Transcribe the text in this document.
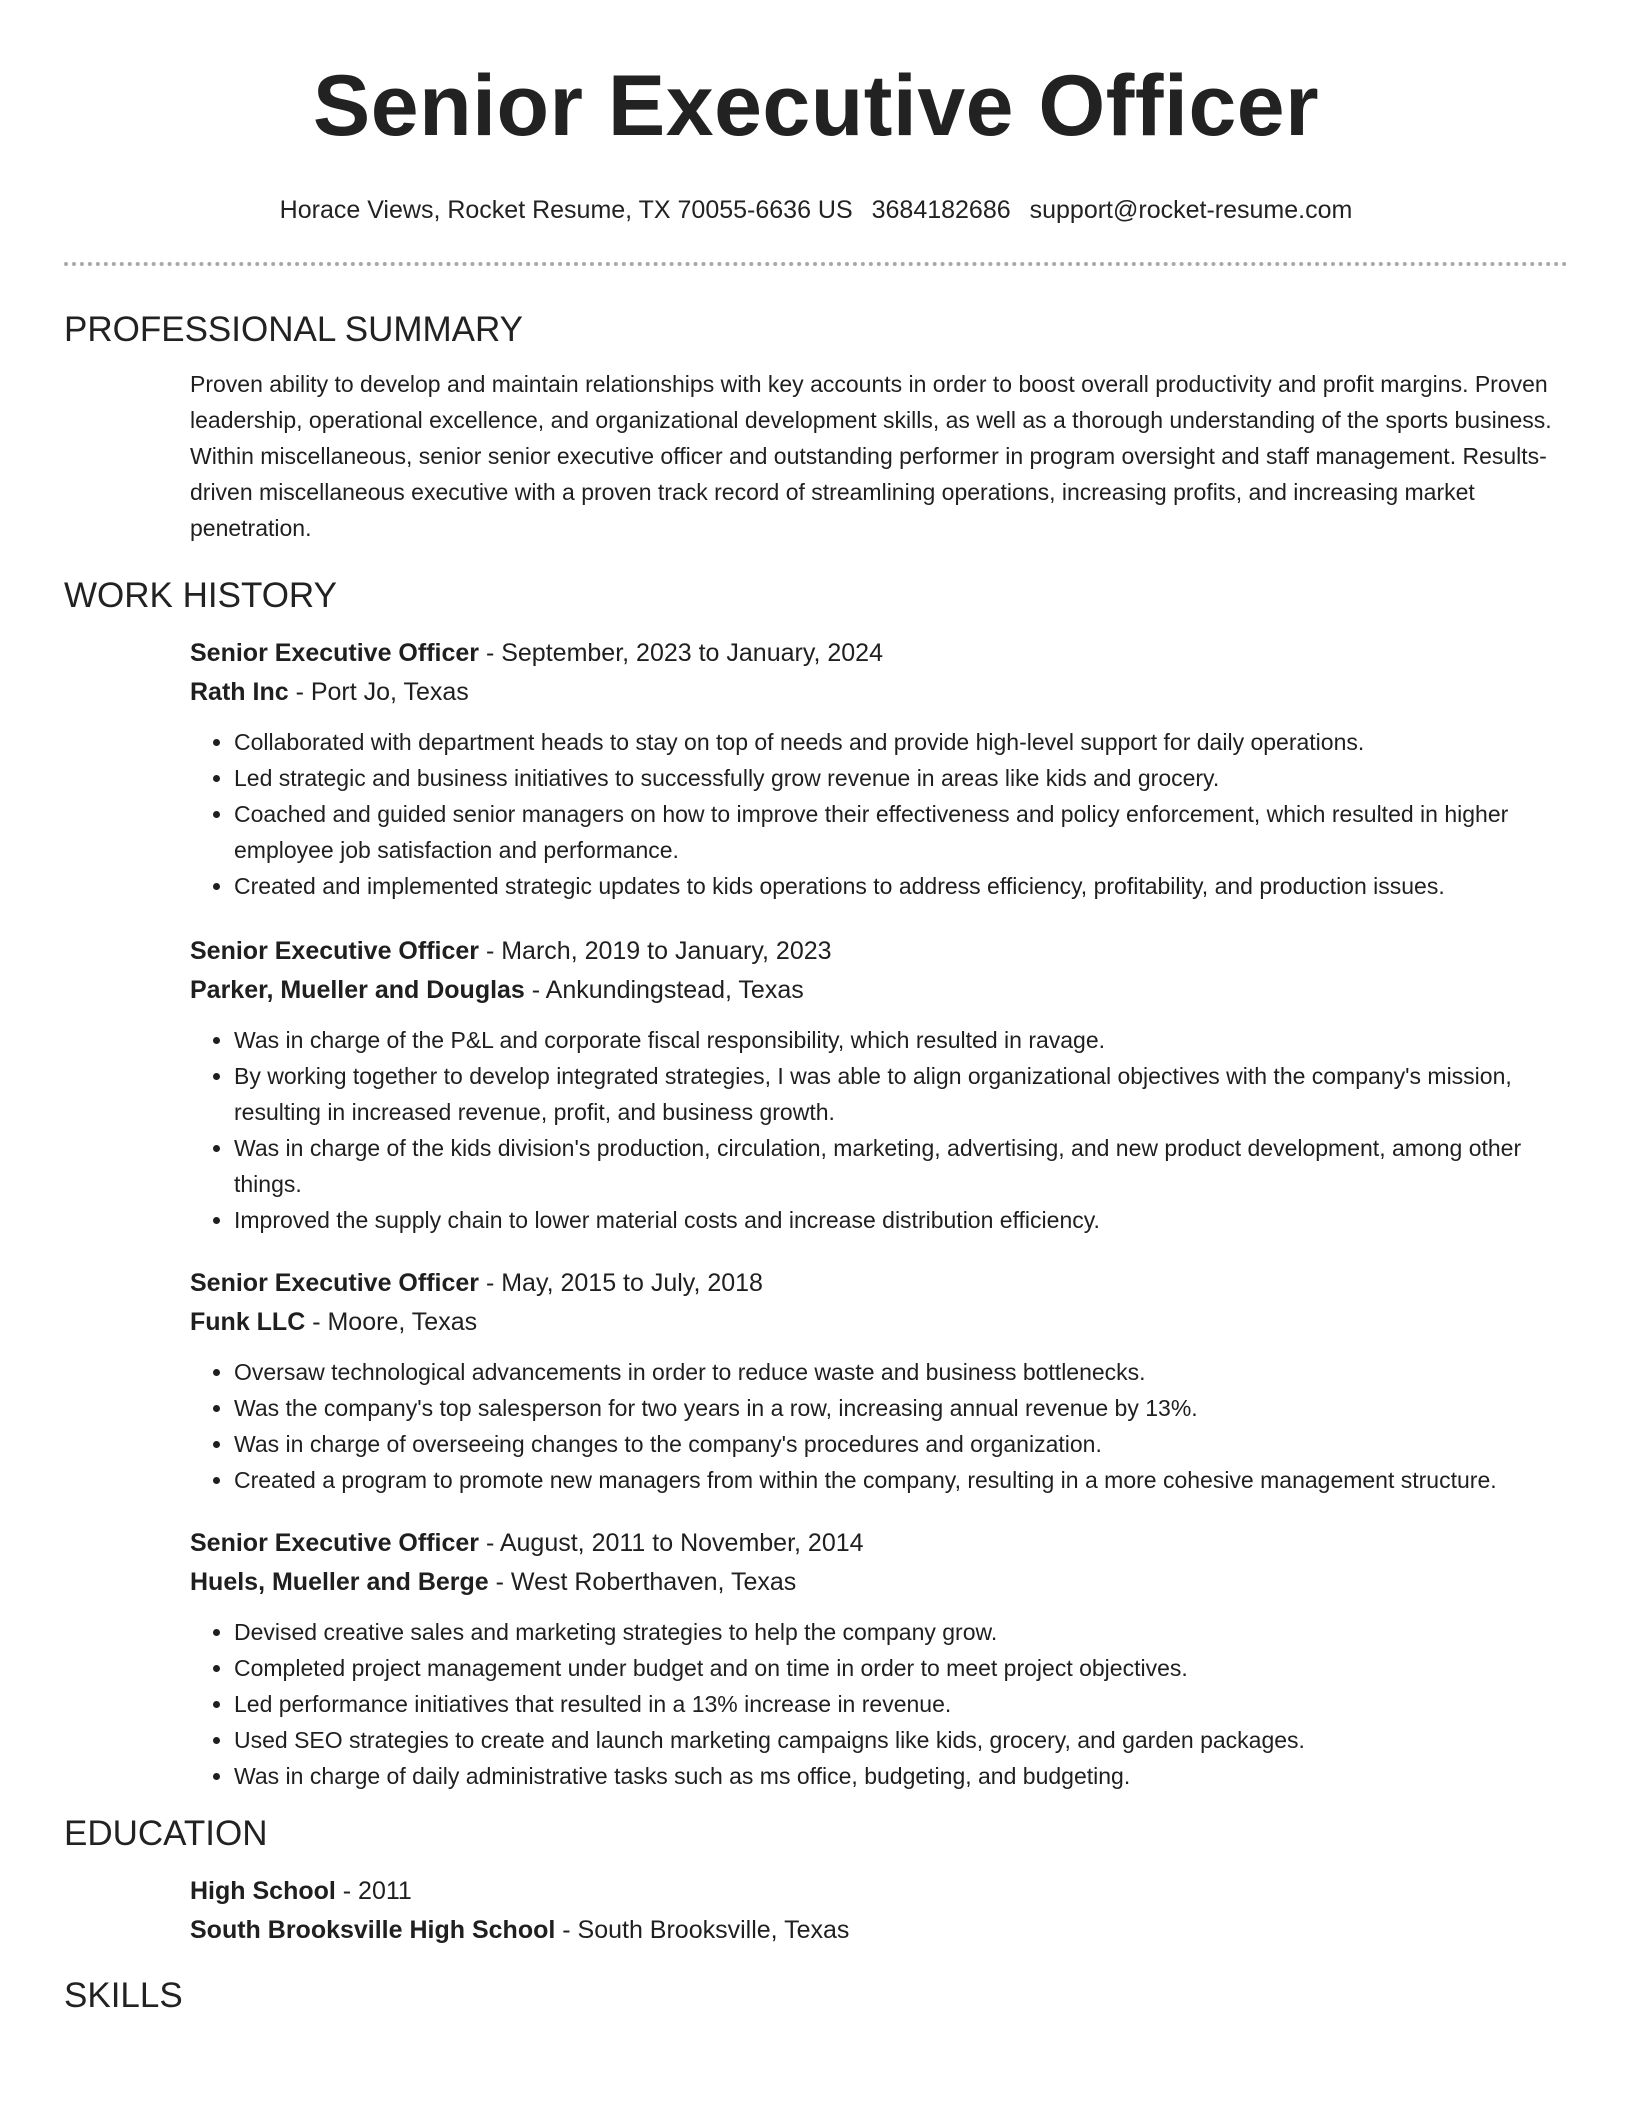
Senior Executive Officer
Horace Views, Rocket Resume, TX 70055-6636 US 3684182686 support@rocket-resume.com
PROFESSIONAL SUMMARY

Proven ability to develop and maintain relationships with key accounts in order to boost overall productivity and profit margins. Proven leadership, operational excellence, and organizational development skills, as well as a thorough understanding of the sports business. Within miscellaneous, senior senior executive officer and outstanding performer in program oversight and staff management. Results-driven miscellaneous executive with a proven track record of streamlining operations, increasing profits, and increasing market penetration.

WORK HISTORY

Senior Executive Officer - September, 2023 to January, 2024

Rath Inc - Port Jo, Texas

• Collaborated with department heads to stay on top of needs and provide high-level support for daily operations.
• Led strategic and business initiatives to successfully grow revenue in areas like kids and grocery.
• Coached and guided senior managers on how to improve their effectiveness and policy enforcement, which resulted in higher employee job satisfaction and performance.
• Created and implemented strategic updates to kids operations to address efficiency, profitability, and production issues.

Senior Executive Officer - March, 2019 to January, 2023

Parker, Mueller and Douglas - Ankundingstead, Texas

• Was in charge of the P&L and corporate fiscal responsibility, which resulted in ravage.
• By working together to develop integrated strategies, I was able to align organizational objectives with the company's mission, resulting in increased revenue, profit, and business growth.
• Was in charge of the kids division's production, circulation, marketing, advertising, and new product development, among other things.
• Improved the supply chain to lower material costs and increase distribution efficiency.

Senior Executive Officer - May, 2015 to July, 2018

Funk LLC - Moore, Texas

• Oversaw technological advancements in order to reduce waste and business bottlenecks.
• Was the company's top salesperson for two years in a row, increasing annual revenue by 13%.
• Was in charge of overseeing changes to the company's procedures and organization.
• Created a program to promote new managers from within the company, resulting in a more cohesive management structure.

Senior Executive Officer - August, 2011 to November, 2014

Huels, Mueller and Berge - West Roberthaven, Texas

• Devised creative sales and marketing strategies to help the company grow.
• Completed project management under budget and on time in order to meet project objectives.
• Led performance initiatives that resulted in a 13% increase in revenue.
• Used SEO strategies to create and launch marketing campaigns like kids, grocery, and garden packages.
• Was in charge of daily administrative tasks such as ms office, budgeting, and budgeting.
EDUCATION

High School - 2011

South Brooksville High School - South Brooksville, Texas

SKILLS
